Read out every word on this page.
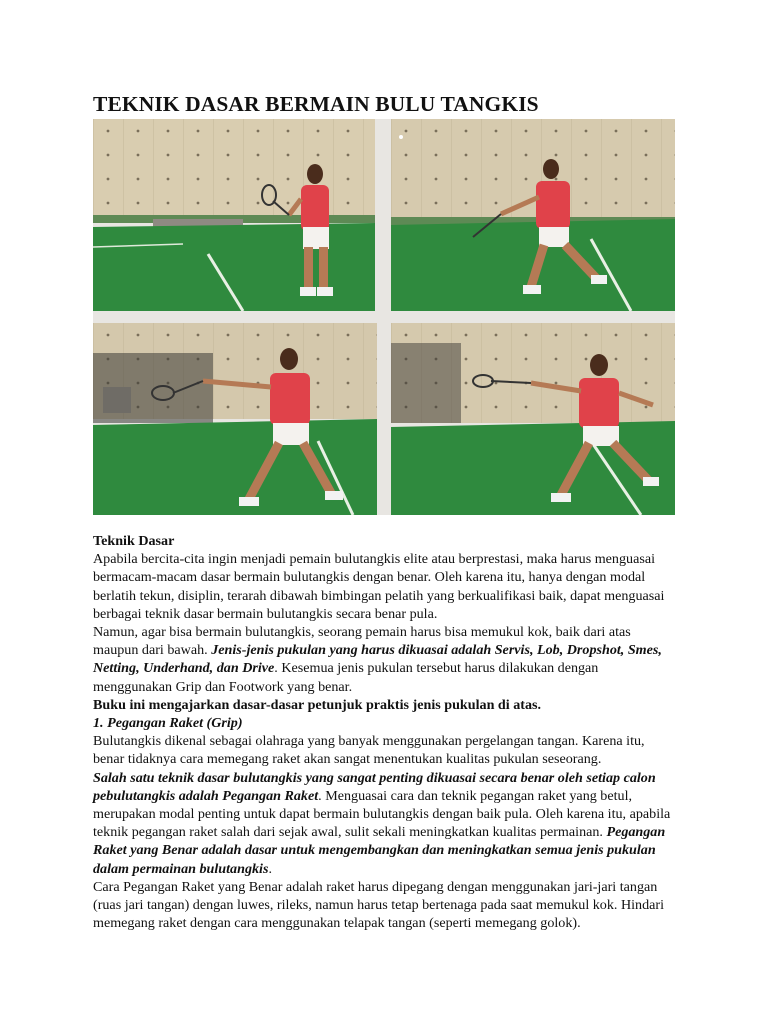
TEKNIK DASAR BERMAIN BULU TANGKIS

Teknik Dasar

Apabila bercita-cita ingin menjadi pemain bulutangkis elite atau berprestasi, maka harus menguasai bermacam-macam dasar bermain bulutangkis dengan benar. Oleh karena itu, hanya dengan modal berlatih tekun, disiplin, terarah dibawah bimbingan pelatih yang berkualifikasi baik, dapat menguasai berbagai teknik dasar bermain bulutangkis secara benar pula.

Namun, agar bisa bermain bulutangkis, seorang pemain harus bisa memukul kok, baik dari atas maupun dari bawah. Jenis-jenis pukulan yang harus dikuasai adalah Servis, Lob, Dropshot, Smes, Netting, Underhand, dan Drive. Kesemua jenis pukulan tersebut harus dilakukan dengan menggunakan Grip dan Footwork yang benar.

Buku ini mengajarkan dasar-dasar petunjuk praktis jenis pukulan di atas.

1. Pegangan Raket (Grip)

Bulutangkis dikenal sebagai olahraga yang banyak menggunakan pergelangan tangan. Karena itu, benar tidaknya cara memegang raket akan sangat menentukan kualitas pukulan seseorang.

Salah satu teknik dasar bulutangkis yang sangat penting dikuasai secara benar oleh setiap calon pebulutangkis adalah Pegangan Raket. Menguasai cara dan teknik pegangan raket yang betul, merupakan modal penting untuk dapat bermain bulutangkis dengan baik pula. Oleh karena itu, apabila teknik pegangan raket salah dari sejak awal, sulit sekali meningkatkan kualitas permainan. Pegangan Raket yang Benar adalah dasar untuk mengembangkan dan meningkatkan semua jenis pukulan dalam permainan bulutangkis.

Cara Pegangan Raket yang Benar adalah raket harus dipegang dengan menggunakan jari-jari tangan (ruas jari tangan) dengan luwes, rileks, namun harus tetap bertenaga pada saat memukul kok. Hindari memegang raket dengan cara menggunakan telapak tangan (seperti memegang golok).
